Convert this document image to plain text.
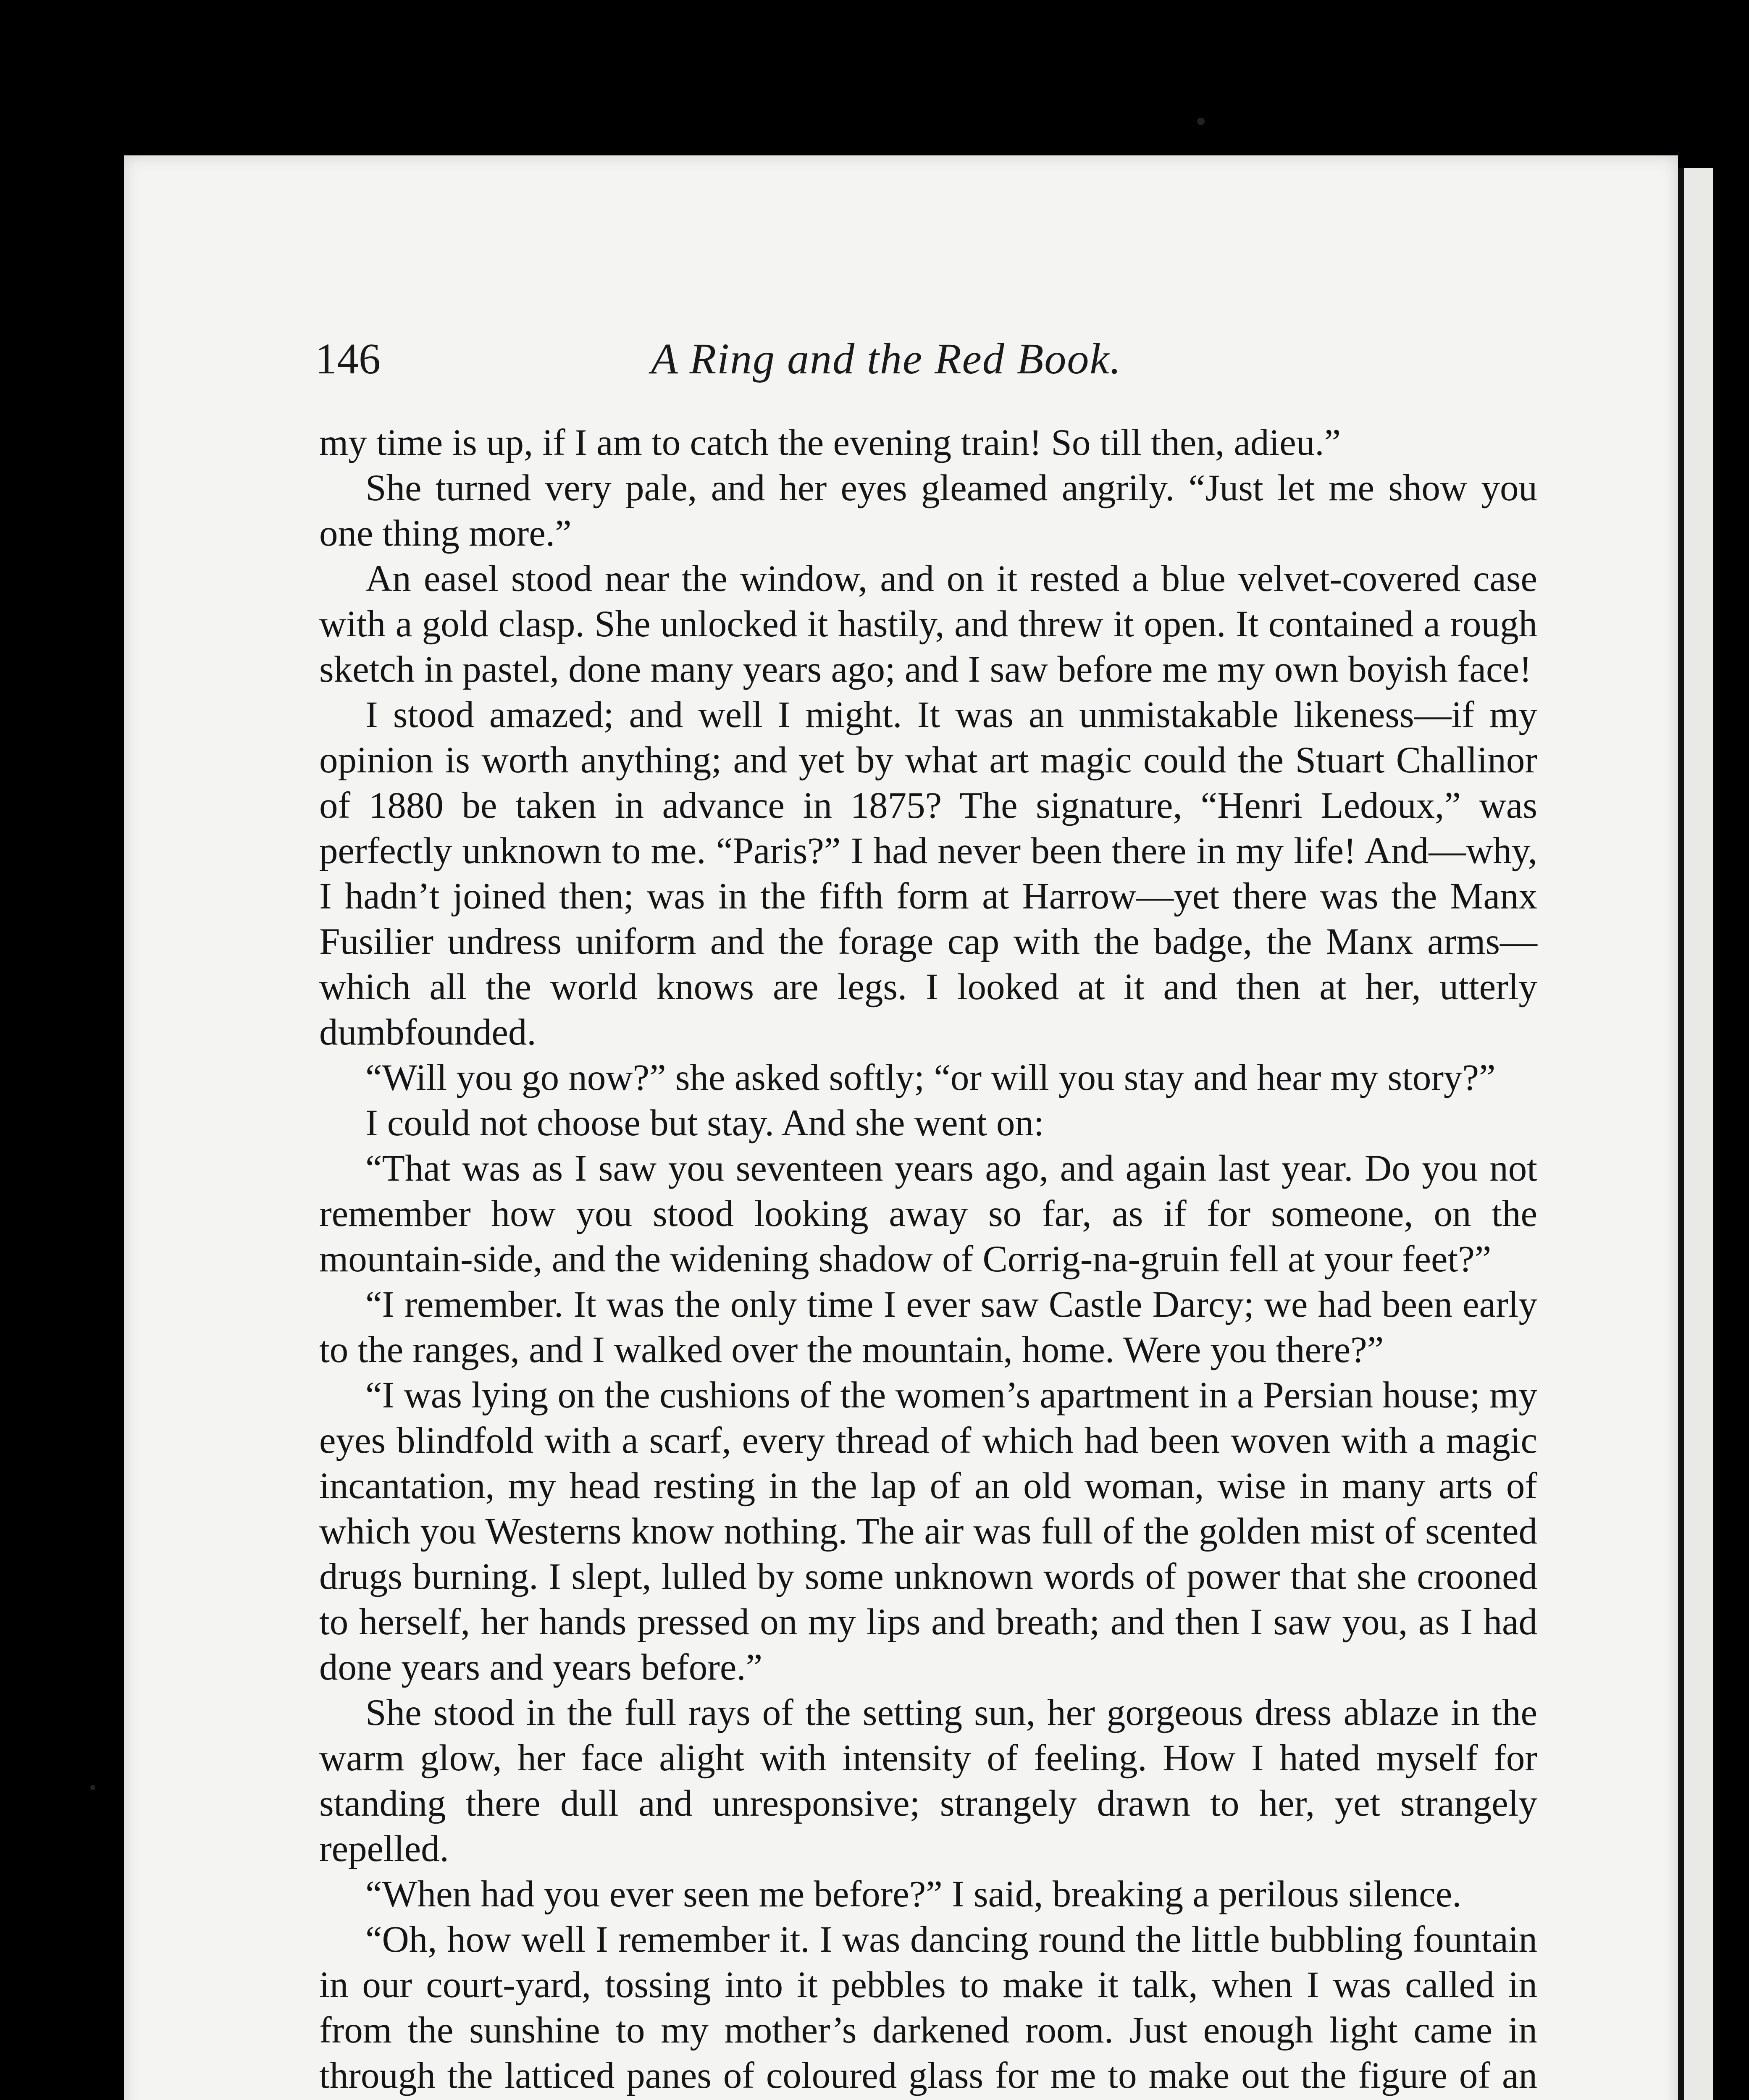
146	A Ring and the Red Book.

my time is up, if I am to catch the evening train! So till then, adieu.”

She turned very pale, and her eyes gleamed angrily. “Just let me show you one thing more.”

An easel stood near the window, and on it rested a blue velvet-covered case with a gold clasp. She unlocked it hastily, and threw it open. It contained a rough sketch in pastel, done many years ago; and I saw before me my own boyish face!

I stood amazed; and well I might. It was an unmistakable likeness—if my opinion is worth anything; and yet by what art magic could the Stuart Challinor of 1880 be taken in advance in 1875? The signature, “Henri Ledoux,” was perfectly unknown to me. “Paris?” I had never been there in my life! And—why, I hadn’t joined then; was in the fifth form at Harrow—yet there was the Manx Fusilier undress uniform and the forage cap with the badge, the Manx arms—which all the world knows are legs. I looked at it and then at her, utterly dumbfounded.

“Will you go now?” she asked softly; “or will you stay and hear my story?”

I could not choose but stay. And she went on:

“That was as I saw you seventeen years ago, and again last year. Do you not remember how you stood looking away so far, as if for someone, on the mountain-side, and the widening shadow of Corrig-na-gruin fell at your feet?”

“I remember. It was the only time I ever saw Castle Darcy; we had been early to the ranges, and I walked over the mountain, home. Were you there?”

“I was lying on the cushions of the women’s apartment in a Persian house; my eyes blindfold with a scarf, every thread of which had been woven with a magic incantation, my head resting in the lap of an old woman, wise in many arts of which you Westerns know nothing. The air was full of the golden mist of scented drugs burning. I slept, lulled by some unknown words of power that she crooned to herself, her hands pressed on my lips and breath; and then I saw you, as I had done years and years before.”

She stood in the full rays of the setting sun, her gorgeous dress ablaze in the warm glow, her face alight with intensity of feeling. How I hated myself for standing there dull and unresponsive; strangely drawn to her, yet strangely repelled.

“When had you ever seen me before?” I said, breaking a perilous silence.

“Oh, how well I remember it. I was dancing round the little bubbling fountain in our court-yard, tossing into it pebbles to make it talk, when I was called in from the sunshine to my mother’s darkened room. Just enough light came in through the latticed panes of coloured glass for me to make out the figure of an
